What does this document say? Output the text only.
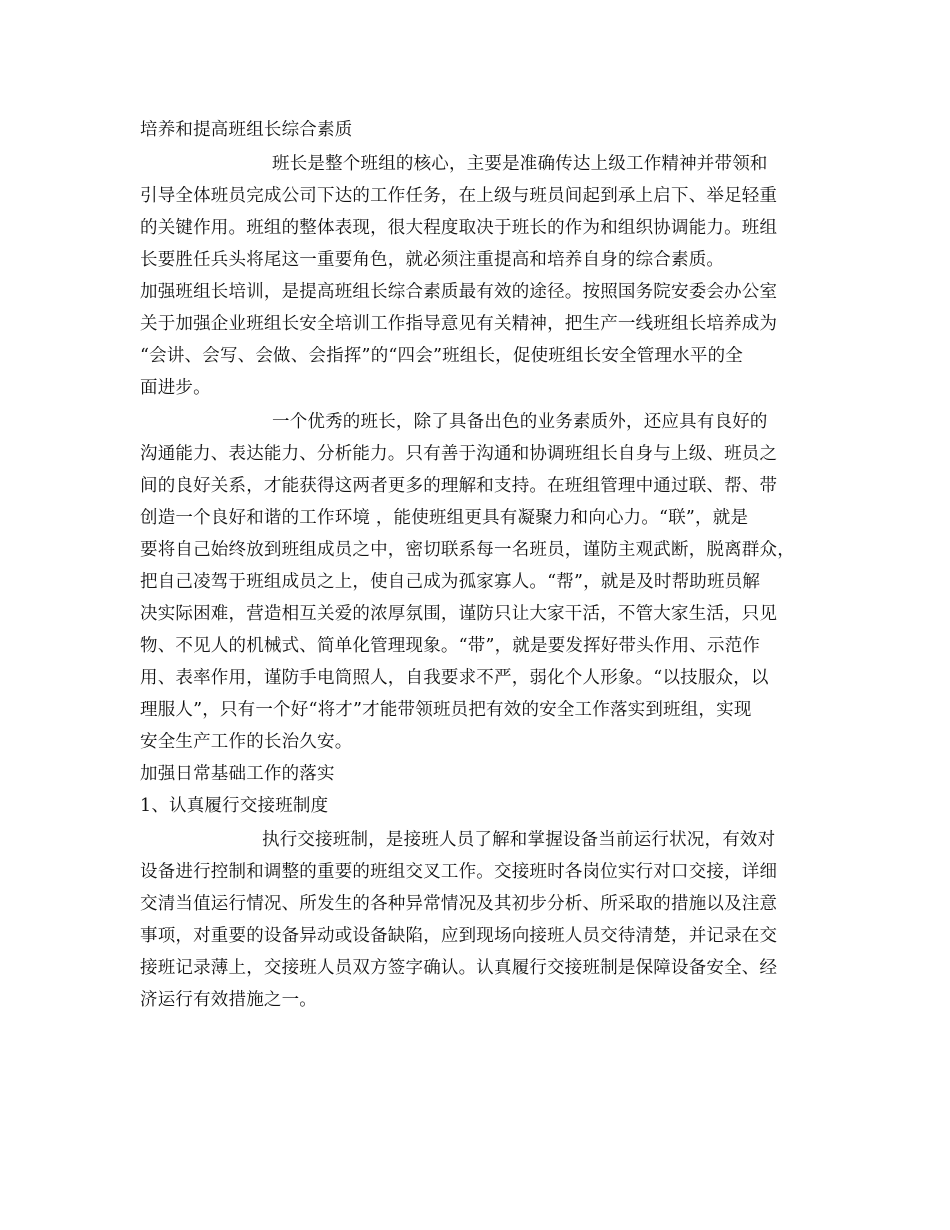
培养和提高班组长综合素质
班长是整个班组的核心，主要是准确传达上级工作精神并带领和
引导全体班员完成公司下达的工作任务，在上级与班员间起到承上启下、举足轻重
的关键作用。班组的整体表现，很大程度取决于班长的作为和组织协调能力。班组
长要胜任兵头将尾这一重要角色，就必须注重提高和培养自身的综合素质。
加强班组长培训，是提高班组长综合素质最有效的途径。按照国务院安委会办公室
关于加强企业班组长安全培训工作指导意见有关精神，把生产一线班组长培养成为
“会讲、会写、会做、会指挥”的“四会”班组长，促使班组长安全管理水平的全
面进步。
一个优秀的班长，除了具备出色的业务素质外，还应具有良好的
沟通能力、表达能力、分析能力。只有善于沟通和协调班组长自身与上级、班员之
间的良好关系，才能获得这两者更多的理解和支持。在班组管理中通过联、帮、带
创造一个良好和谐的工作环境 ，能使班组更具有凝聚力和向心力。“联”，就是
要将自己始终放到班组成员之中，密切联系每一名班员，谨防主观武断，脱离群众，
把自己凌驾于班组成员之上，使自己成为孤家寡人。“帮”，就是及时帮助班员解
决实际困难，营造相互关爱的浓厚氛围，谨防只让大家干活，不管大家生活，只见
物、不见人的机械式、简单化管理现象。“带”，就是要发挥好带头作用、示范作
用、表率作用，谨防手电筒照人，自我要求不严，弱化个人形象。“以技服众，以
理服人”，只有一个好“将才”才能带领班员把有效的安全工作落实到班组，实现
安全生产工作的长治久安。
加强日常基础工作的落实
1、认真履行交接班制度
执行交接班制，是接班人员了解和掌握设备当前运行状况，有效对
设备进行控制和调整的重要的班组交叉工作。交接班时各岗位实行对口交接，详细
交清当值运行情况、所发生的各种异常情况及其初步分析、所采取的措施以及注意
事项，对重要的设备异动或设备缺陷，应到现场向接班人员交待清楚，并记录在交
接班记录薄上，交接班人员双方签字确认。认真履行交接班制是保障设备安全、经
济运行有效措施之一。
